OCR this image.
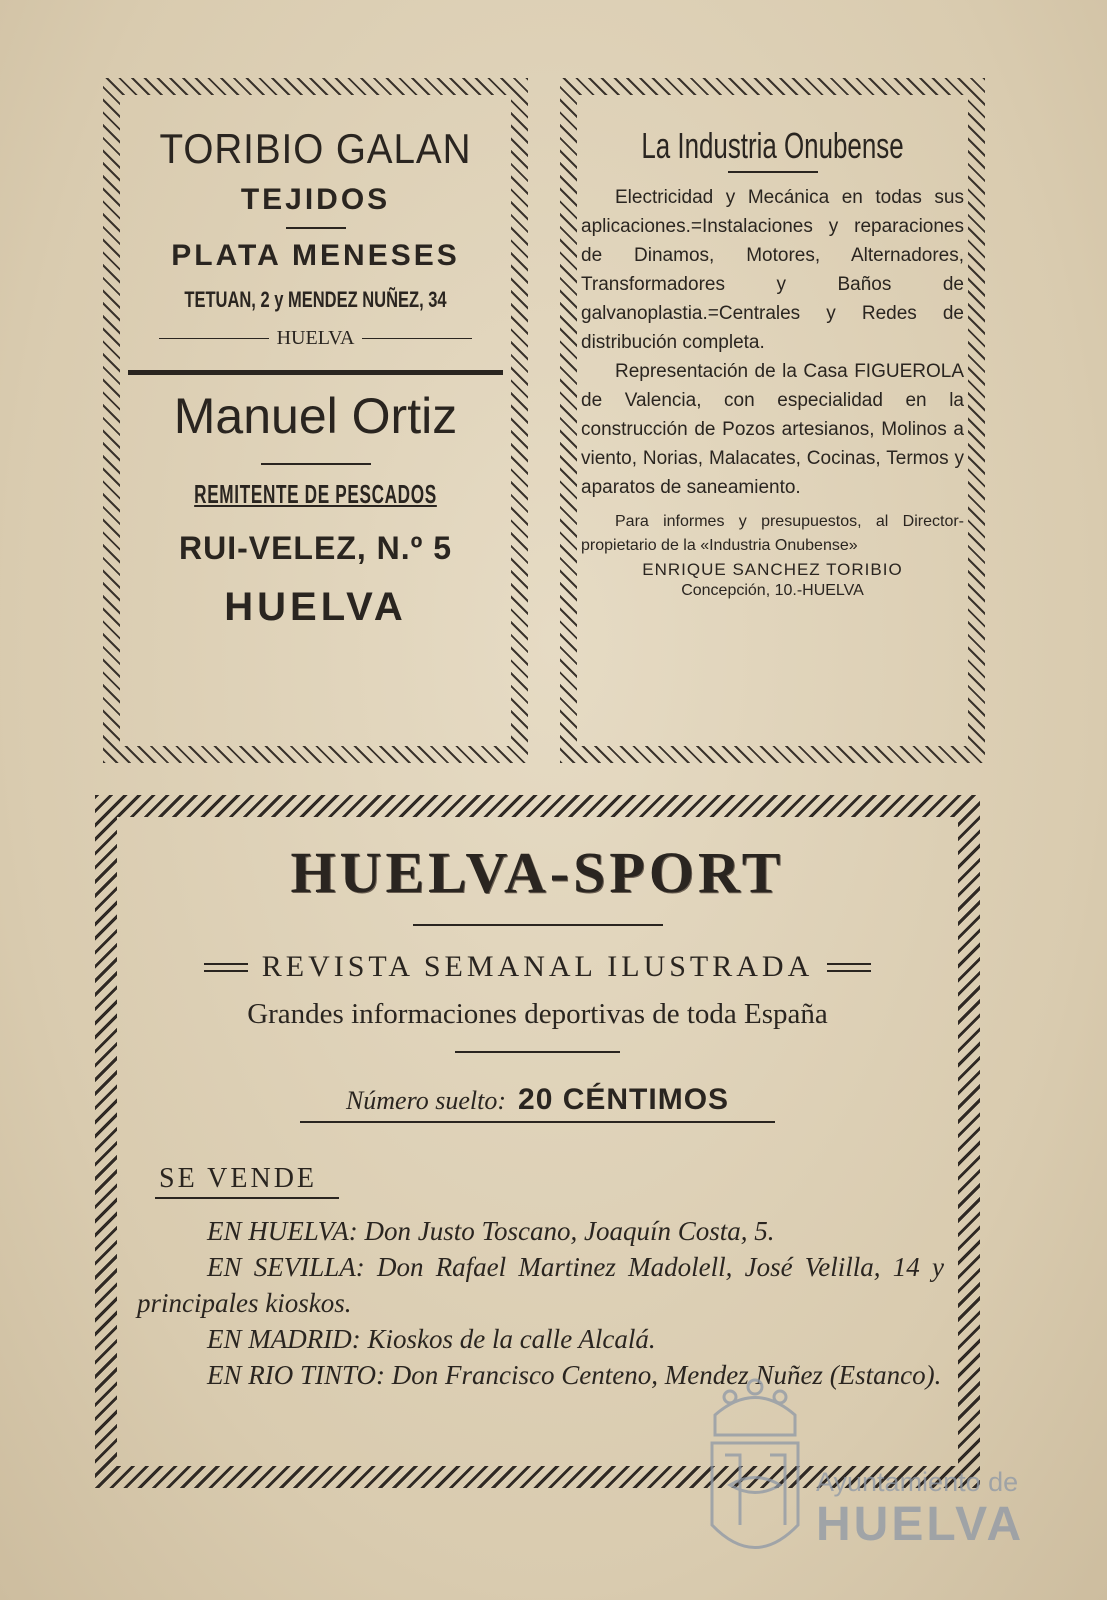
TORIBIO GALAN
TEJIDOS
PLATA MENESES
TETUAN, 2 y MENDEZ NUÑEZ, 34
HUELVA
Manuel Ortiz
REMITENTE DE PESCADOS
RUI-VELEZ, N.º 5
HUELVA
La Industria Onubense

Electricidad y Mecánica en todas sus aplicaciones.=Instalaciones y reparaciones de Dinamos, Motores, Alternadores, Transformadores y Baños de galvanoplastia.=Centrales y Redes de distribución completa.

Representación de la Casa FIGUEROLA de Valencia, con especialidad en la construcción de Pozos artesianos, Molinos a viento, Norias, Malacates, Cocinas, Termos y aparatos de saneamiento.

Para informes y presupuestos, al Director-propietario de la «Industria Onubense»

ENRIQUE SANCHEZ TORIBIO
Concepción, 10.-HUELVA
HUELVA-SPORT
REVISTA SEMANAL ILUSTRADA
Grandes informaciones deportivas de toda España
Número suelto: 20 CÉNTIMOS
SE VENDE

EN HUELVA: Don Justo Toscano, Joaquín Costa, 5.

EN SEVILLA: Don Rafael Martinez Madolell, José Velilla, 14 y principales kioskos.

EN MADRID: Kioskos de la calle Alcalá.

EN RIO TINTO: Don Francisco Centeno, Mendez Nuñez (Estanco).

Ayuntamiento de
HUELVA
